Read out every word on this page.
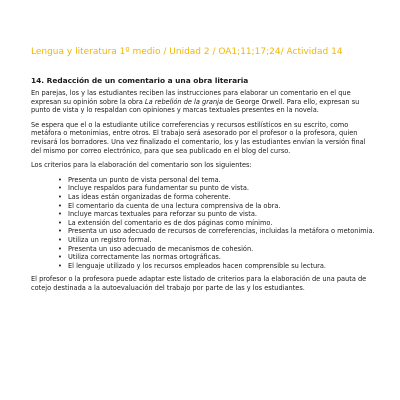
Lengua y literatura 1º medio / Unidad 2 / OA1;11;17;24/ Actividad 14
14. Redacción de un comentario a una obra literaria

En parejas, los y las estudiantes reciben las instrucciones para elaborar un comentario en el que expresan su opinión sobre la obra La rebelión de la granja de George Orwell. Para ello, expresan su punto de vista y lo respaldan con opiniones y marcas textuales presentes en la novela.

Se espera que el o la estudiante utilice correferencias y recursos estilísticos en su escrito, como metáfora o metonimias, entre otros. El trabajo será asesorado por el profesor o la profesora, quien revisará los borradores. Una vez finalizado el comentario, los y las estudiantes envían la versión final del mismo por correo electrónico, para que sea publicado en el blog del curso.

Los criterios para la elaboración del comentario son los siguientes:

• Presenta un punto de vista personal del tema.
• Incluye respaldos para fundamentar su punto de vista.
• Las ideas están organizadas de forma coherente.
• El comentario da cuenta de una lectura comprensiva de la obra.
• Incluye marcas textuales para reforzar su punto de vista.
• La extensión del comentario es de dos páginas como mínimo.
• Presenta un uso adecuado de recursos de correferencias, incluidas la metáfora o metonimia.
• Utiliza un registro formal.
• Presenta un uso adecuado de mecanismos de cohesión.
• Utiliza correctamente las normas ortográficas.
• El lenguaje utilizado y los recursos empleados hacen comprensible su lectura.

El profesor o la profesora puede adaptar este listado de criterios para la elaboración de una pauta de cotejo destinada a la autoevaluación del trabajo por parte de las y los estudiantes.
